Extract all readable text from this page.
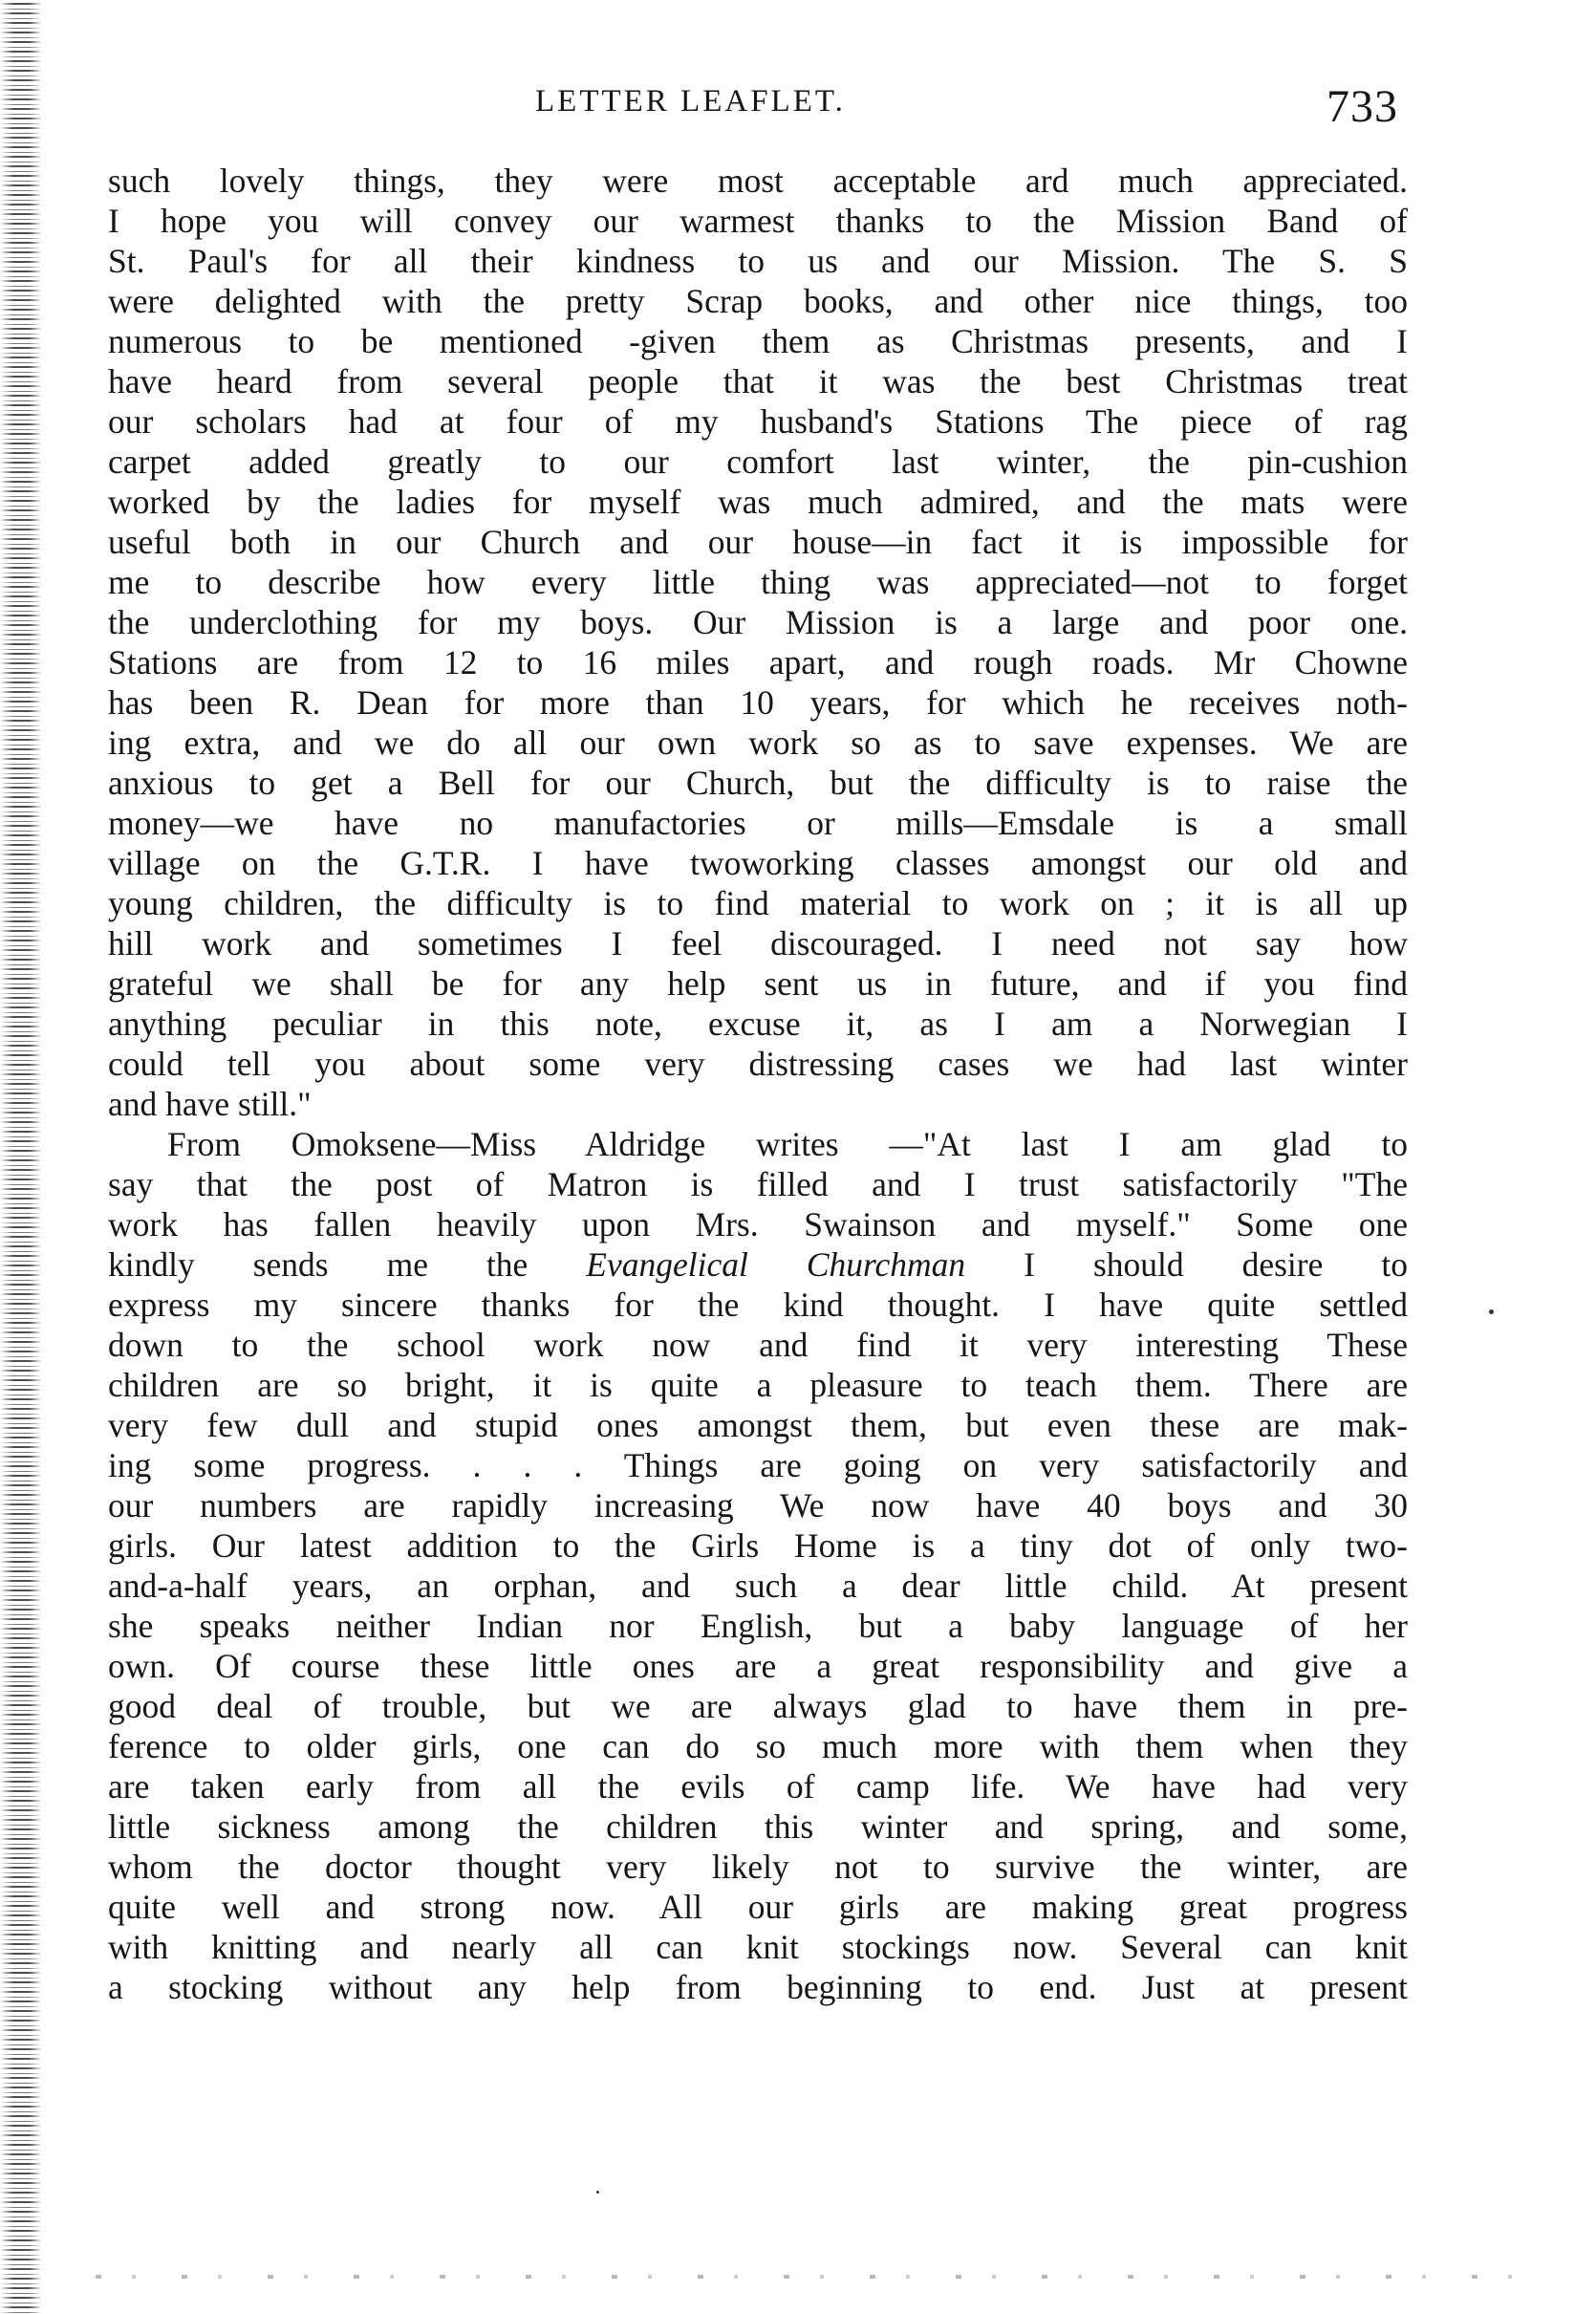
LETTER LEAFLET.	733
such lovely things, they were most acceptable ard much appreciated.
I hope you will convey our warmest thanks to the Mission Band of
St. Paul's for all their kindness to us and our Mission. The S. S
were delighted with the pretty Scrap books, and other nice things, too
numerous to be mentioned -given them as Christmas presents, and I
have heard from several people that it was the best Christmas treat
our scholars had at four of my husband's Stations The piece of rag
carpet added greatly to our comfort last winter, the pin-cushion
worked by the ladies for myself was much admired, and the mats were
useful both in our Church and our house—in fact it is impossible for
me to describe how every little thing was appreciated—not to forget
the underclothing for my boys. Our Mission is a large and poor one.
Stations are from 12 to 16 miles apart, and rough roads. Mr Chowne
has been R. Dean for more than 10 years, for which he receives noth-
ing extra, and we do all our own work so as to save expenses. We are
anxious to get a Bell for our Church, but the difficulty is to raise the
money—we have no manufactories or mills—Emsdale is a small
village on the G.T.R. I have twoworking classes amongst our old and
young children, the difficulty is to find material to work on ; it is all up
hill work and sometimes I feel discouraged. I need not say how
grateful we shall be for any help sent us in future, and if you find
anything peculiar in this note, excuse it, as I am a Norwegian I
could tell you about some very distressing cases we had last winter
and have still."
From Omoksene—Miss Aldridge writes —"At last I am glad to
say that the post of Matron is filled and I trust satisfactorily "The
work has fallen heavily upon Mrs. Swainson and myself." Some one
kindly sends me the Evangelical Churchman I should desire to
express my sincere thanks for the kind thought. I have quite settled
down to the school work now and find it very interesting These
children are so bright, it is quite a pleasure to teach them. There are
very few dull and stupid ones amongst them, but even these are mak-
ing some progress. . . . Things are going on very satisfactorily and
our numbers are rapidly increasing We now have 40 boys and 30
girls. Our latest addition to the Girls Home is a tiny dot of only two-
and-a-half years, an orphan, and such a dear little child. At present
she speaks neither Indian nor English, but a baby language of her
own. Of course these little ones are a great responsibility and give a
good deal of trouble, but we are always glad to have them in pre-
ference to older girls, one can do so much more with them when they
are taken early from all the evils of camp life. We have had very
little sickness among the children this winter and spring, and some,
whom the doctor thought very likely not to survive the winter, are
quite well and strong now. All our girls are making great progress
with knitting and nearly all can knit stockings now. Several can knit
a stocking without any help from beginning to end. Just at present
